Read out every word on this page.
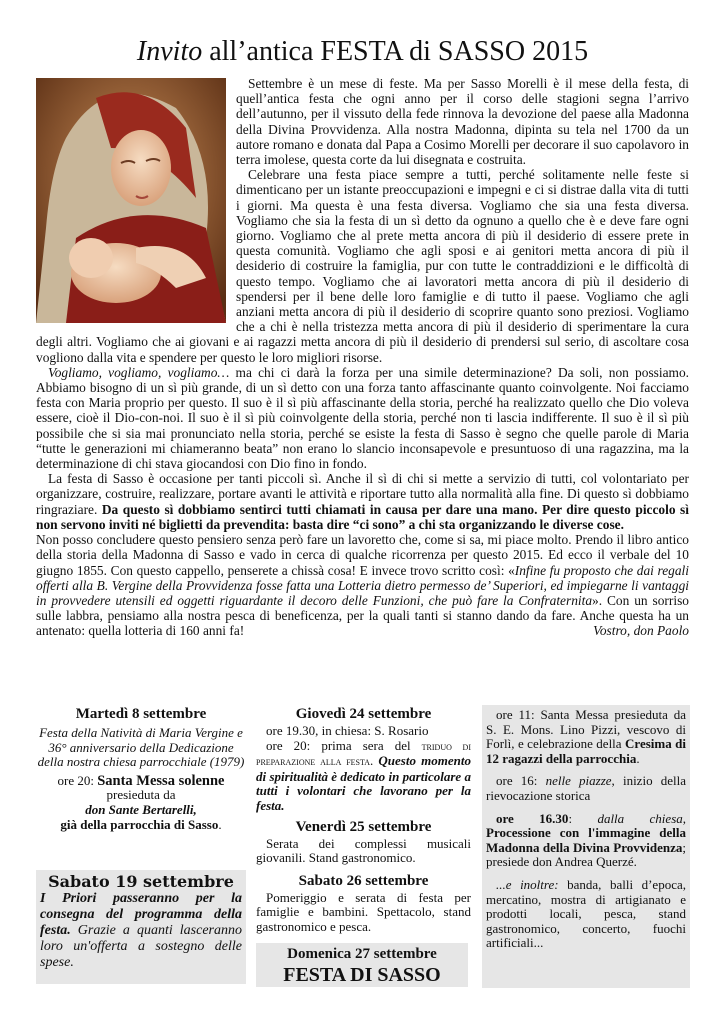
Invito all’antica FESTA di SASSO 2015

Settembre è un mese di feste. Ma per Sasso Morelli è il mese della festa, di quell’antica festa che ogni anno per il corso delle stagioni segna l’arrivo dell’autunno, per il vissuto della fede rinnova la devozione del paese alla Madonna della Divina Provvidenza. Alla nostra Madonna, dipinta su tela nel 1700 da un autore romano e donata dal Papa a Cosimo Morelli per decorare il suo capolavoro in terra imolese, questa corte da lui disegnata e costruita.

Celebrare una festa piace sempre a tutti, perché solitamente nelle feste si dimenticano per un istante preoccupazioni e impegni e ci si distrae dalla vita di tutti i giorni. Ma questa è una festa diversa. Vogliamo che sia una festa diversa. Vogliamo che sia la festa di un sì detto da ognuno a quello che è e deve fare ogni giorno. Vogliamo che al prete metta ancora di più il desiderio di essere prete in questa comunità. Vogliamo che agli sposi e ai genitori metta ancora di più il desiderio di costruire la famiglia, pur con tutte le contraddizioni e le difficoltà di questo tempo. Vogliamo che ai lavoratori metta ancora di più il desiderio di spendersi per il bene delle loro famiglie e di tutto il paese. Vogliamo che agli anziani metta ancora di più il desiderio di scoprire quanto sono preziosi. Vogliamo che a chi è nella tristezza metta ancora di più il desiderio di sperimentare la cura degli altri. Vogliamo che ai giovani e ai ragazzi metta ancora di più il desiderio di prendersi sul serio, di ascoltare cosa vogliono dalla vita e spendere per questo le loro migliori risorse.

Vogliamo, vogliamo, vogliamo… ma chi ci darà la forza per una simile determinazione? Da soli, non possiamo. Abbiamo bisogno di un sì più grande, di un sì detto con una forza tanto affascinante quanto coinvolgente. Noi facciamo festa con Maria proprio per questo. Il suo è il sì più affascinante della storia, perché ha realizzato quello che Dio voleva essere, cioè il Dio-con-noi. Il suo è il sì più coinvolgente della storia, perché non ti lascia indifferente. Il suo è il sì più possibile che si sia mai pronunciato nella storia, perché se esiste la festa di Sasso è segno che quelle parole di Maria “tutte le generazioni mi chiameranno beata” non erano lo slancio inconsapevole e presuntuoso di una ragazzina, ma la determinazione di chi stava giocandosi con Dio fino in fondo.

La festa di Sasso è occasione per tanti piccoli sì. Anche il sì di chi si mette a servizio di tutti, col volontariato per organizzare, costruire, realizzare, portare avanti le attività e riportare tutto alla normalità alla fine. Di questo sì dobbiamo ringraziare. Da questo sì dobbiamo sentirci tutti chiamati in causa per dare una mano. Per dire questo piccolo sì non servono inviti né biglietti da prevendita: basta dire “ci sono” a chi sta organizzando le diverse cose.

Non posso concludere questo pensiero senza però fare un lavoretto che, come si sa, mi piace molto. Prendo il libro antico della storia della Madonna di Sasso e vado in cerca di qualche ricorrenza per questo 2015. Ed ecco il verbale del 10 giugno 1855. Con questo cappello, penserete a chissà cosa! E invece trovo scritto così: «Infine fu proposto che dai regali offerti alla B. Vergine della Provvidenza fosse fatta una Lotteria dietro permesso de’ Superiori, ed impiegarne li vantaggi in provvedere utensili ed oggetti riguardante il decoro delle Funzioni, che può fare la Confraternita». Con un sorriso sulle labbra, pensiamo alla nostra pesca di beneficenza, per la quali tanti si stanno dando da fare. Anche questa ha un antenato: quella lotteria di 160 anni fa!	Vostro, don Paolo

Martedì 8 settembre
Festa della Natività di Maria Vergine e 36° anniversario della Dedicazione della nostra chiesa parrocchiale (1979)
ore 20: Santa Messa solenne
presieduta da
don Sante Bertarelli,
già della parrocchia di Sasso.
Sabato 19 settembre
I Priori passeranno per la consegna del programma della festa. Grazie a quanti lasceranno loro un'offerta a sostegno delle spese.
Giovedì 24 settembre
ore 19.30, in chiesa: S. Rosario
ore 20: prima sera del triduo di preparazione alla festa. Questo momento di spiritualità è dedicato in particolare a tutti i volontari che lavorano per la festa.
Venerdì 25 settembre
Serata dei complessi musicali giovanili. Stand gastronomico.
Sabato 26 settembre
Pomeriggio e serata di festa per famiglie e bambini. Spettacolo, stand gastronomico e pesca.
Domenica 27 settembre
FESTA DI SASSO

ore 11: Santa Messa presieduta da S. E. Mons. Lino Pizzi, vescovo di Forlì, e celebrazione della Cresima di 12 ragazzi della parrocchia.

ore 16: nelle piazze, inizio della rievocazione storica

ore 16.30: dalla chiesa, Processione con l'immagine della Madonna della Divina Provvidenza; presiede don Andrea Querzé.

...e inoltre: banda, balli d’epoca, mercatino, mostra di artigianato e prodotti locali, pesca, stand gastronomico, concerto, fuochi artificiali...
